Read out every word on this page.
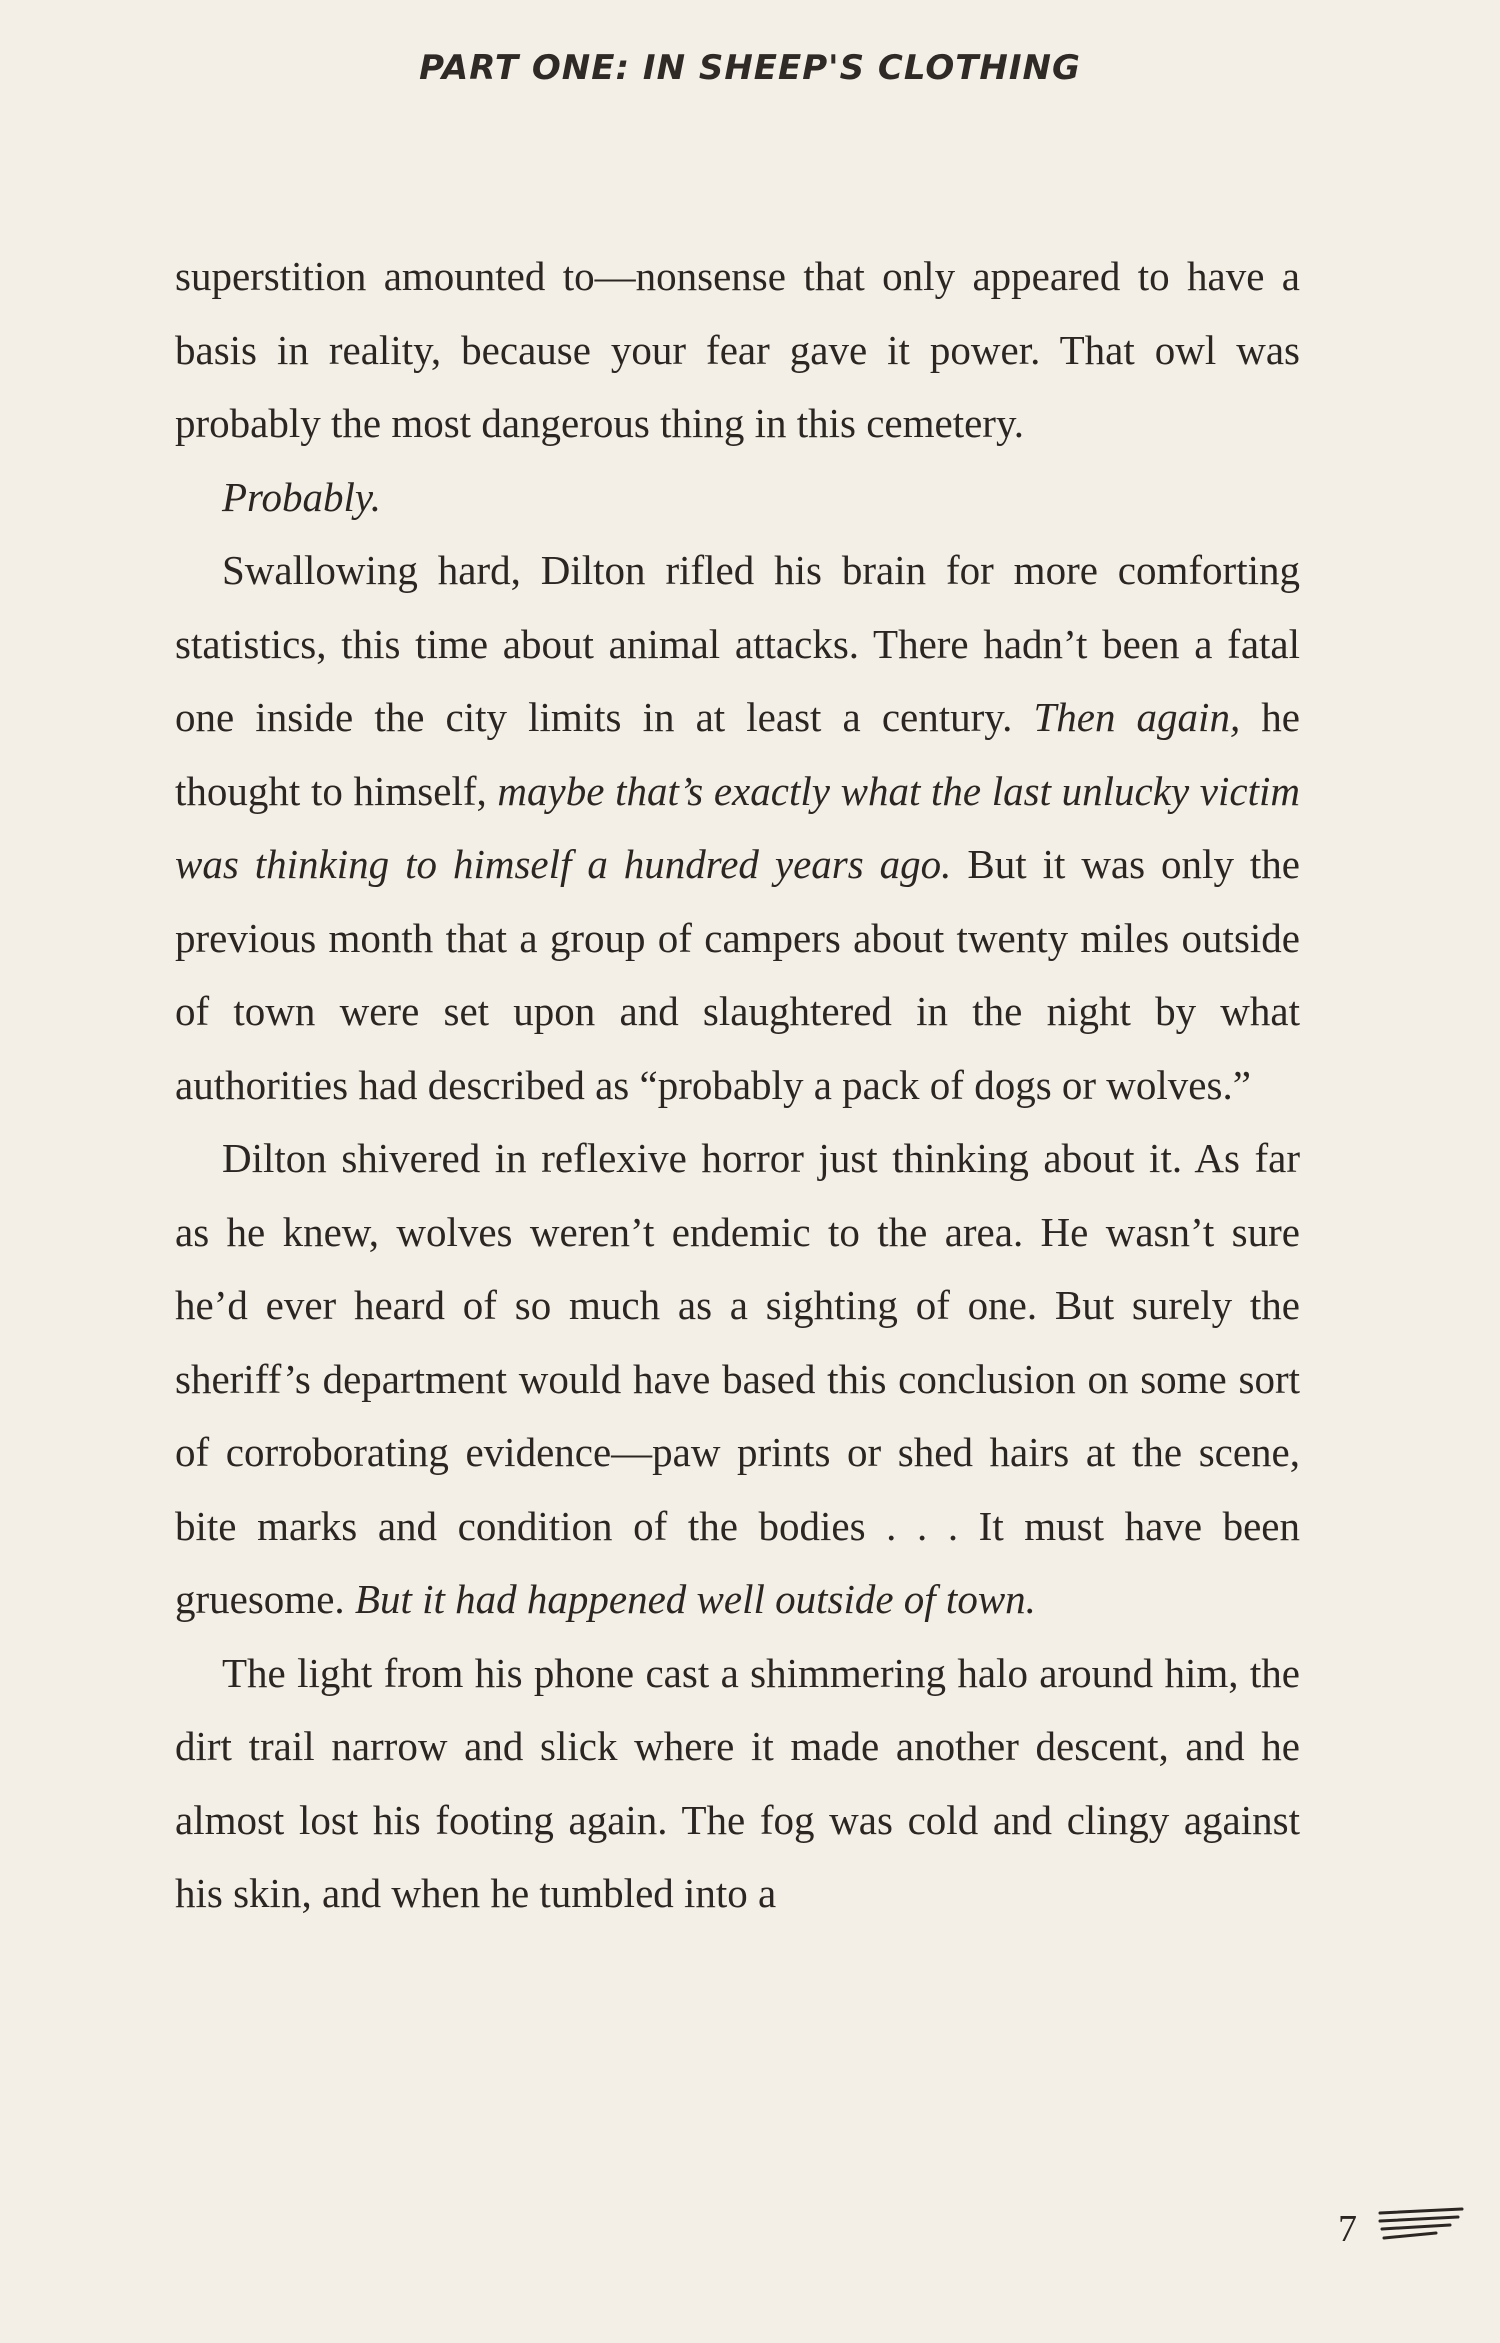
PART ONE: IN SHEEP'S CLOTHING

superstition amounted to—nonsense that only appeared to have a basis in reality, because your fear gave it power. That owl was probably the most dangerous thing in this cemetery.

Probably.

Swallowing hard, Dilton rifled his brain for more comforting statistics, this time about animal attacks. There hadn’t been a fatal one inside the city limits in at least a century. Then again, he thought to himself, maybe that’s exactly what the last unlucky victim was thinking to himself a hundred years ago. But it was only the previous month that a group of campers about twenty miles outside of town were set upon and slaughtered in the night by what authorities had described as “probably a pack of dogs or wolves.”

Dilton shivered in reflexive horror just thinking about it. As far as he knew, wolves weren’t endemic to the area. He wasn’t sure he’d ever heard of so much as a sighting of one. But surely the sheriff’s department would have based this conclusion on some sort of corroborating evidence—paw prints or shed hairs at the scene, bite marks and condition of the bodies . . . It must have been gruesome. But it had happened well outside of town.

The light from his phone cast a shimmering halo around him, the dirt trail narrow and slick where it made another descent, and he almost lost his footing again. The fog was cold and clingy against his skin, and when he tumbled into a

7
